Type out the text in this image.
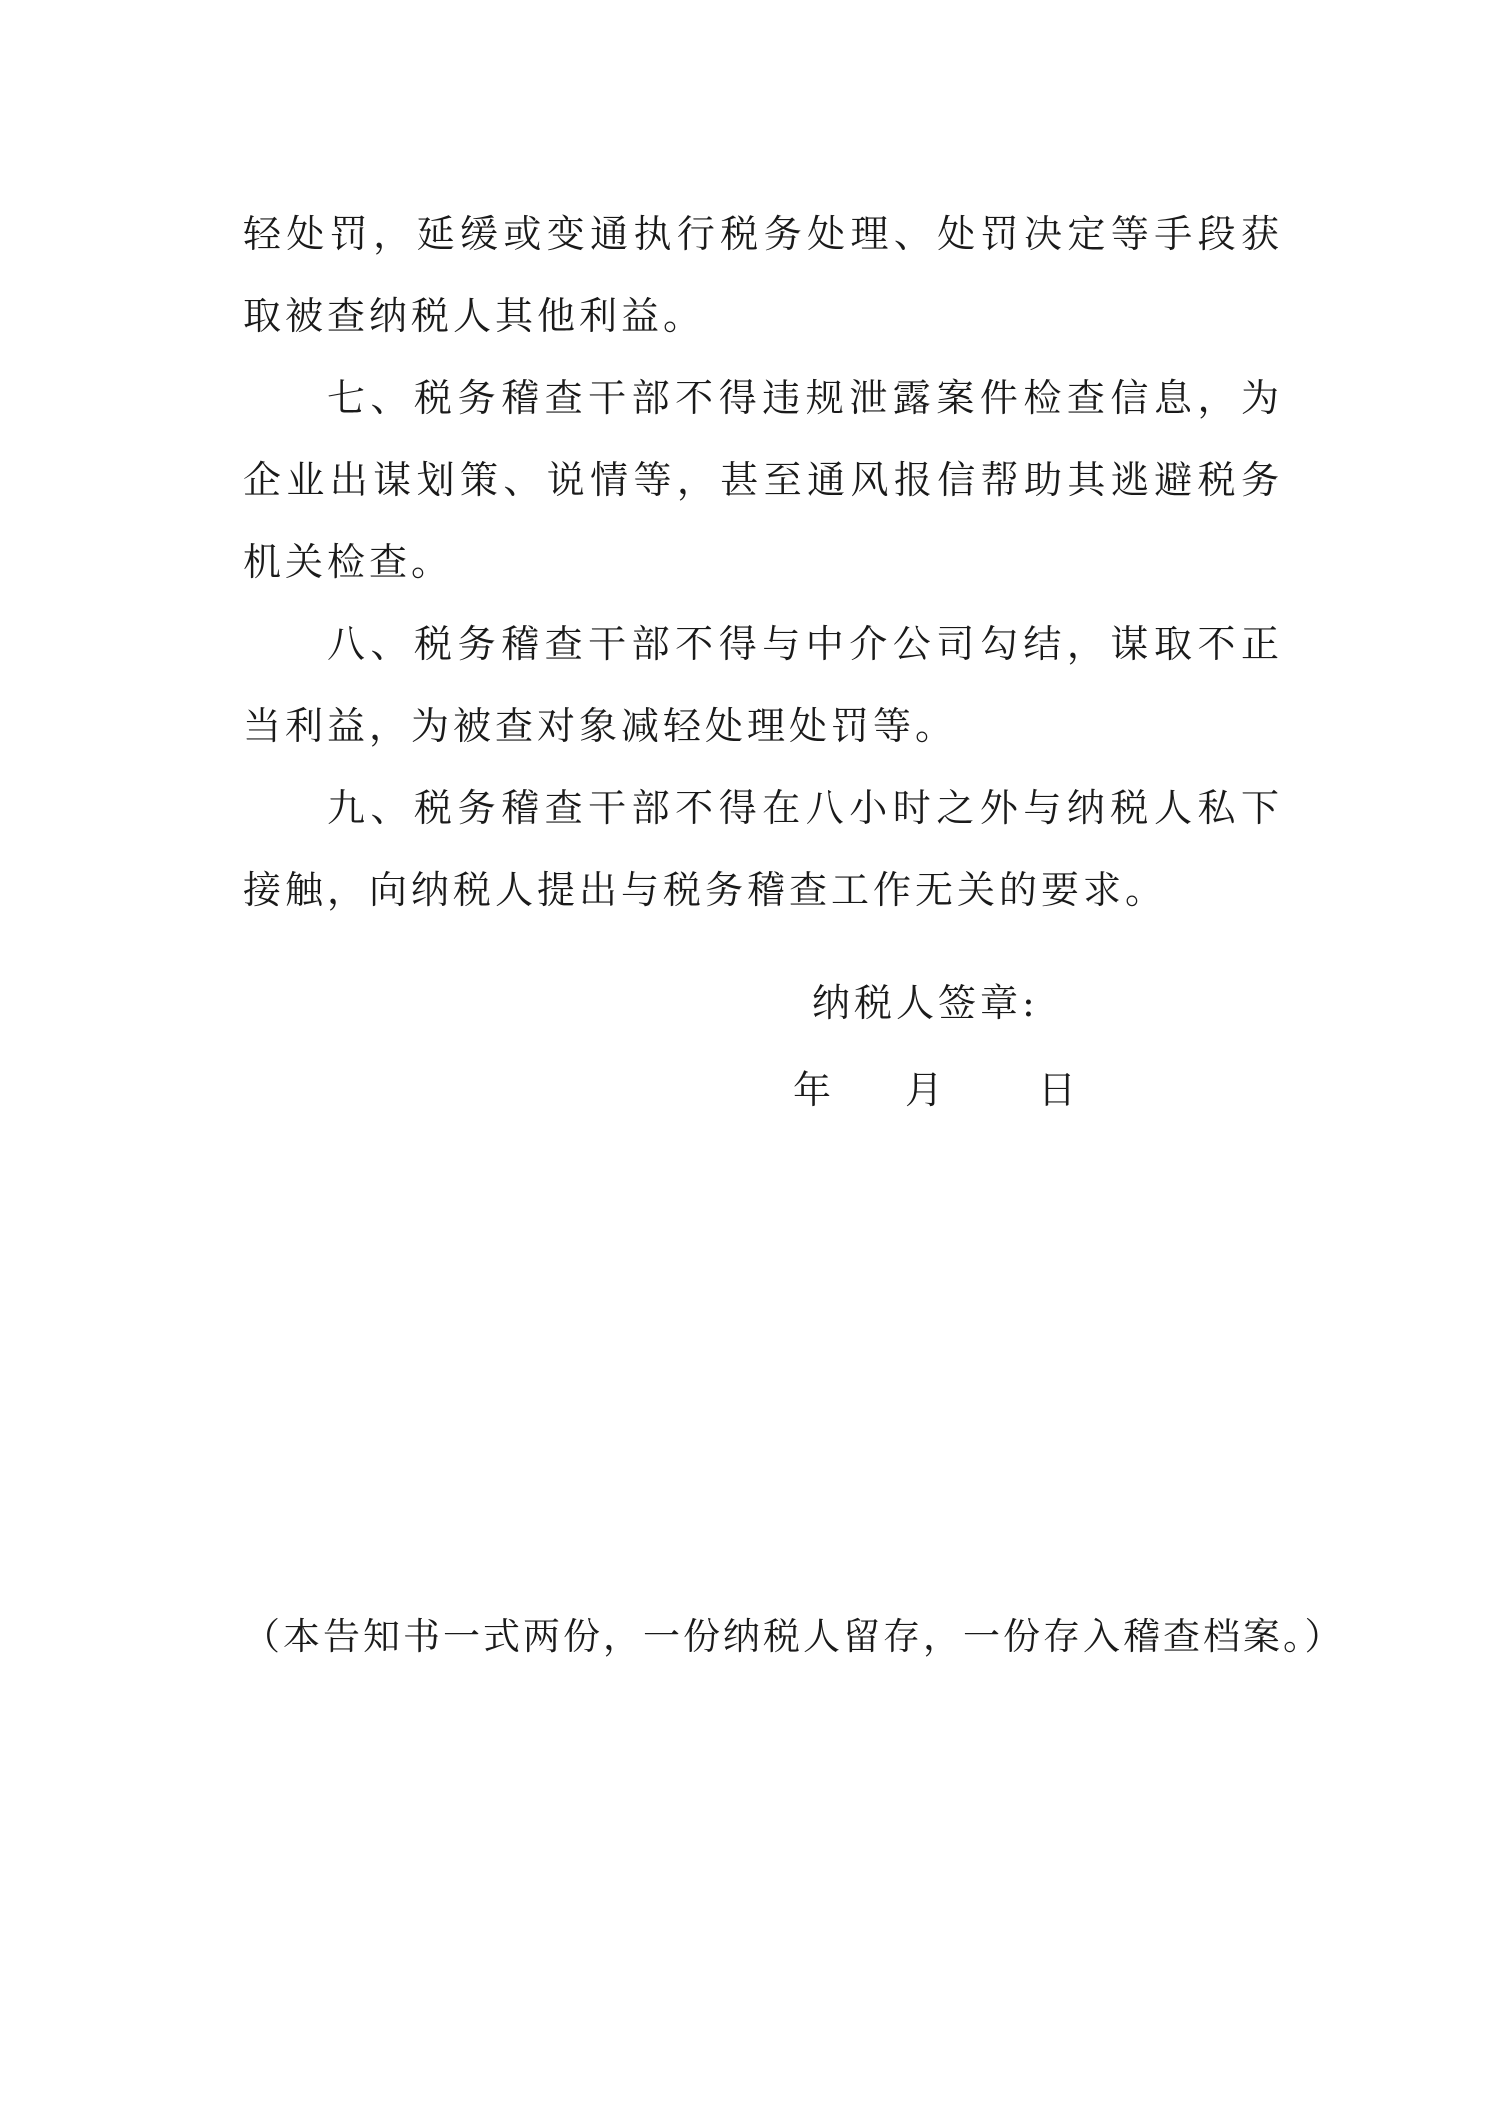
轻处罚，延缓或变通执行税务处理、处罚决定等手段获取被查纳税人其他利益。

七、税务稽查干部不得违规泄露案件检查信息，为企业出谋划策、说情等，甚至通风报信帮助其逃避税务机关检查。

八、税务稽查干部不得与中介公司勾结，谋取不正当利益，为被查对象减轻处理处罚等。

九、税务稽查干部不得在八小时之外与纳税人私下接触，向纳税人提出与税务稽查工作无关的要求。

纳税人签章:
年 月 日
（本告知书一式两份，一份纳税人留存，一份存入稽查档案。）
